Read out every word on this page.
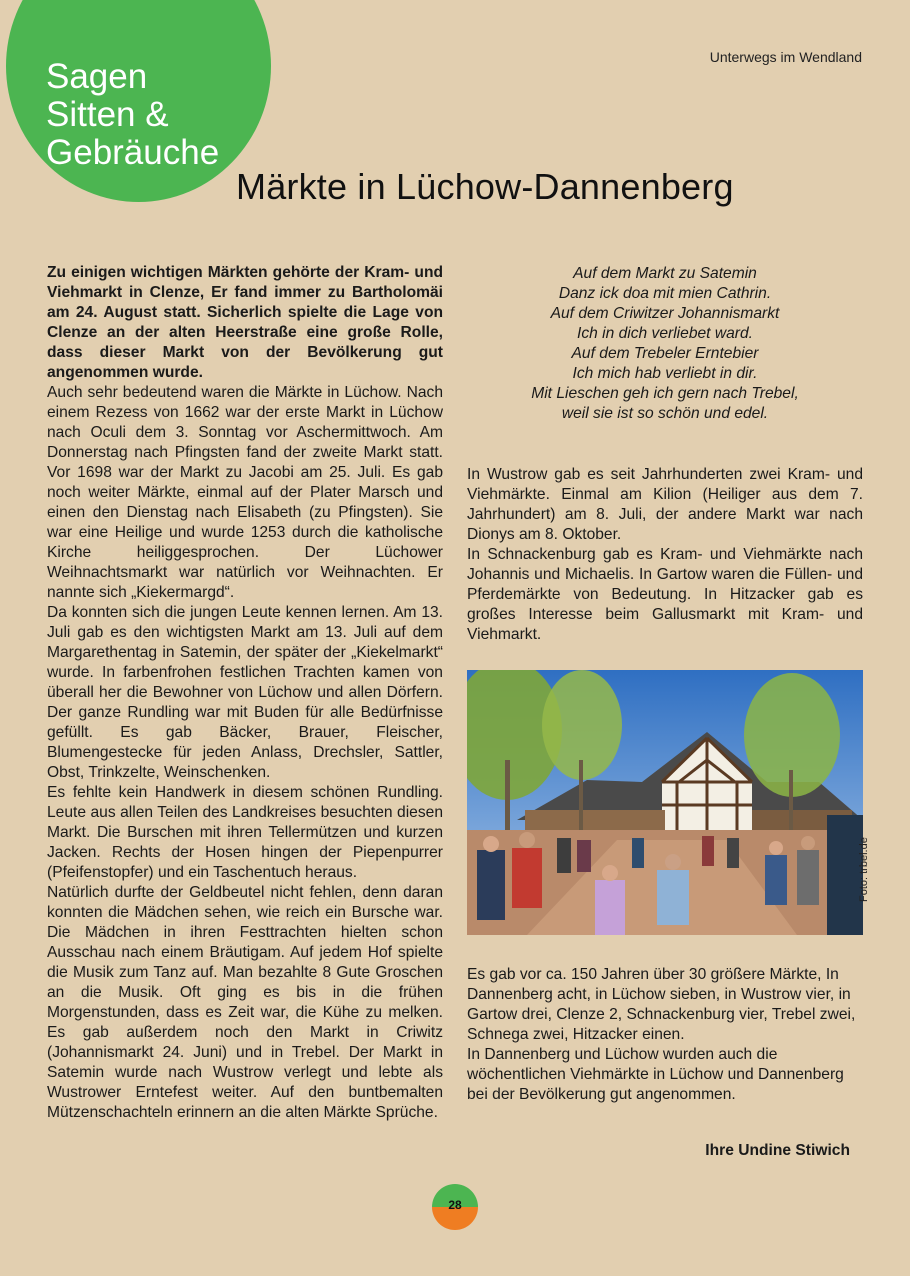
Sagen
Sitten &
Gebräuche
Unterwegs im Wendland
Märkte in Lüchow-Dannenberg

Zu einigen wichtigen Märkten gehörte der Kram- und Viehmarkt in Clenze, Er fand immer zu Bartholomäi am 24. August statt. Sicherlich spielte die Lage von Clenze an der alten Heerstraße eine große Rolle, dass dieser Markt von der Bevölkerung gut angenommen wurde.

Auch sehr bedeutend waren die Märkte in Lüchow. Nach einem Rezess von 1662 war der erste Markt in Lüchow nach Oculi dem 3. Sonntag vor Aschermittwoch. Am Donnerstag nach Pfingsten fand der zweite Markt statt. Vor 1698 war der Markt zu Jacobi am 25. Juli. Es gab noch weiter Märkte, einmal auf der Plater Marsch und einen den Dienstag nach Elisabeth (zu Pfingsten). Sie war eine Heilige und wurde 1253 durch die katholische Kirche heiliggesprochen. Der Lüchower Weihnachtsmarkt war natürlich vor Weihnachten. Er nannte sich „Kiekermargd“.

Da konnten sich die jungen Leute kennen lernen. Am 13. Juli gab es den wichtigsten Markt am 13. Juli auf dem Margarethentag in Satemin, der später der „Kiekelmarkt“ wurde. In farbenfrohen festlichen Trachten kamen von überall her die Bewohner von Lüchow und allen Dörfern. Der ganze Rundling war mit Buden für alle Bedürfnisse gefüllt. Es gab Bäcker, Brauer, Fleischer, Blumengestecke für jeden Anlass, Drechsler, Sattler, Obst, Trinkzelte, Weinschenken.

Es fehlte kein Handwerk in diesem schönen Rundling. Leute aus allen Teilen des Landkreises besuchten diesen Markt. Die Burschen mit ihren Tellermützen und kurzen Jacken. Rechts der Hosen hingen der Piepenpurrer (Pfeifenstopfer) und ein Taschentuch heraus.

Natürlich durfte der Geldbeutel nicht fehlen, denn daran konnten die Mädchen sehen, wie reich ein Bursche war. Die Mädchen in ihren Festtrachten hielten schon Ausschau nach einem Bräutigam. Auf jedem Hof spielte die Musik zum Tanz auf. Man bezahlte 8 Gute Groschen an die Musik. Oft ging es bis in die frühen Morgenstunden, dass es Zeit war, die Kühe zu melken. Es gab außerdem noch den Markt in Criwitz (Johannismarkt 24. Juni) und in Trebel. Der Markt in Satemin wurde nach Wustrow verlegt und lebte als Wustrower Erntefest weiter. Auf den buntbemalten Mützenschachteln erinnern an die alten Märkte Sprüche.

Auf dem Markt zu Satemin
Danz ick doa mit mien Cathrin.
Auf dem Criwitzer Johannismarkt
Ich in dich verliebet ward.
Auf dem Trebeler Erntebier
Ich mich hab verliebt in dir.
Mit Lieschen geh ich gern nach Trebel,
weil sie ist so schön und edel.

In Wustrow gab es seit Jahrhunderten zwei Kram- und Viehmärkte. Einmal am Kilion (Heiliger aus dem 7. Jahrhundert) am 8. Juli, der andere Markt war nach Dionys am 8. Oktober.

In Schnackenburg gab es Kram- und Viehmärkte nach Johannis und Michaelis. In Gartow waren die Füllen- und Pferdemärkte von Bedeutung. In Hitzacker gab es großes Interesse beim Gallusmarkt mit Kram- und Viehmarkt.

Foto: trbel.de

Es gab vor ca. 150 Jahren über 30 größere Märkte, In Dannenberg acht, in Lüchow sieben, in Wustrow vier, in Gartow drei, Clenze 2, Schnackenburg vier, Trebel zwei, Schnega zwei, Hitzacker einen.

In Dannenberg und Lüchow wurden auch die wöchentlichen Viehmärkte in Lüchow und Dannenberg bei der Bevölkerung gut angenommen.

Ihre Undine Stiwich
28
